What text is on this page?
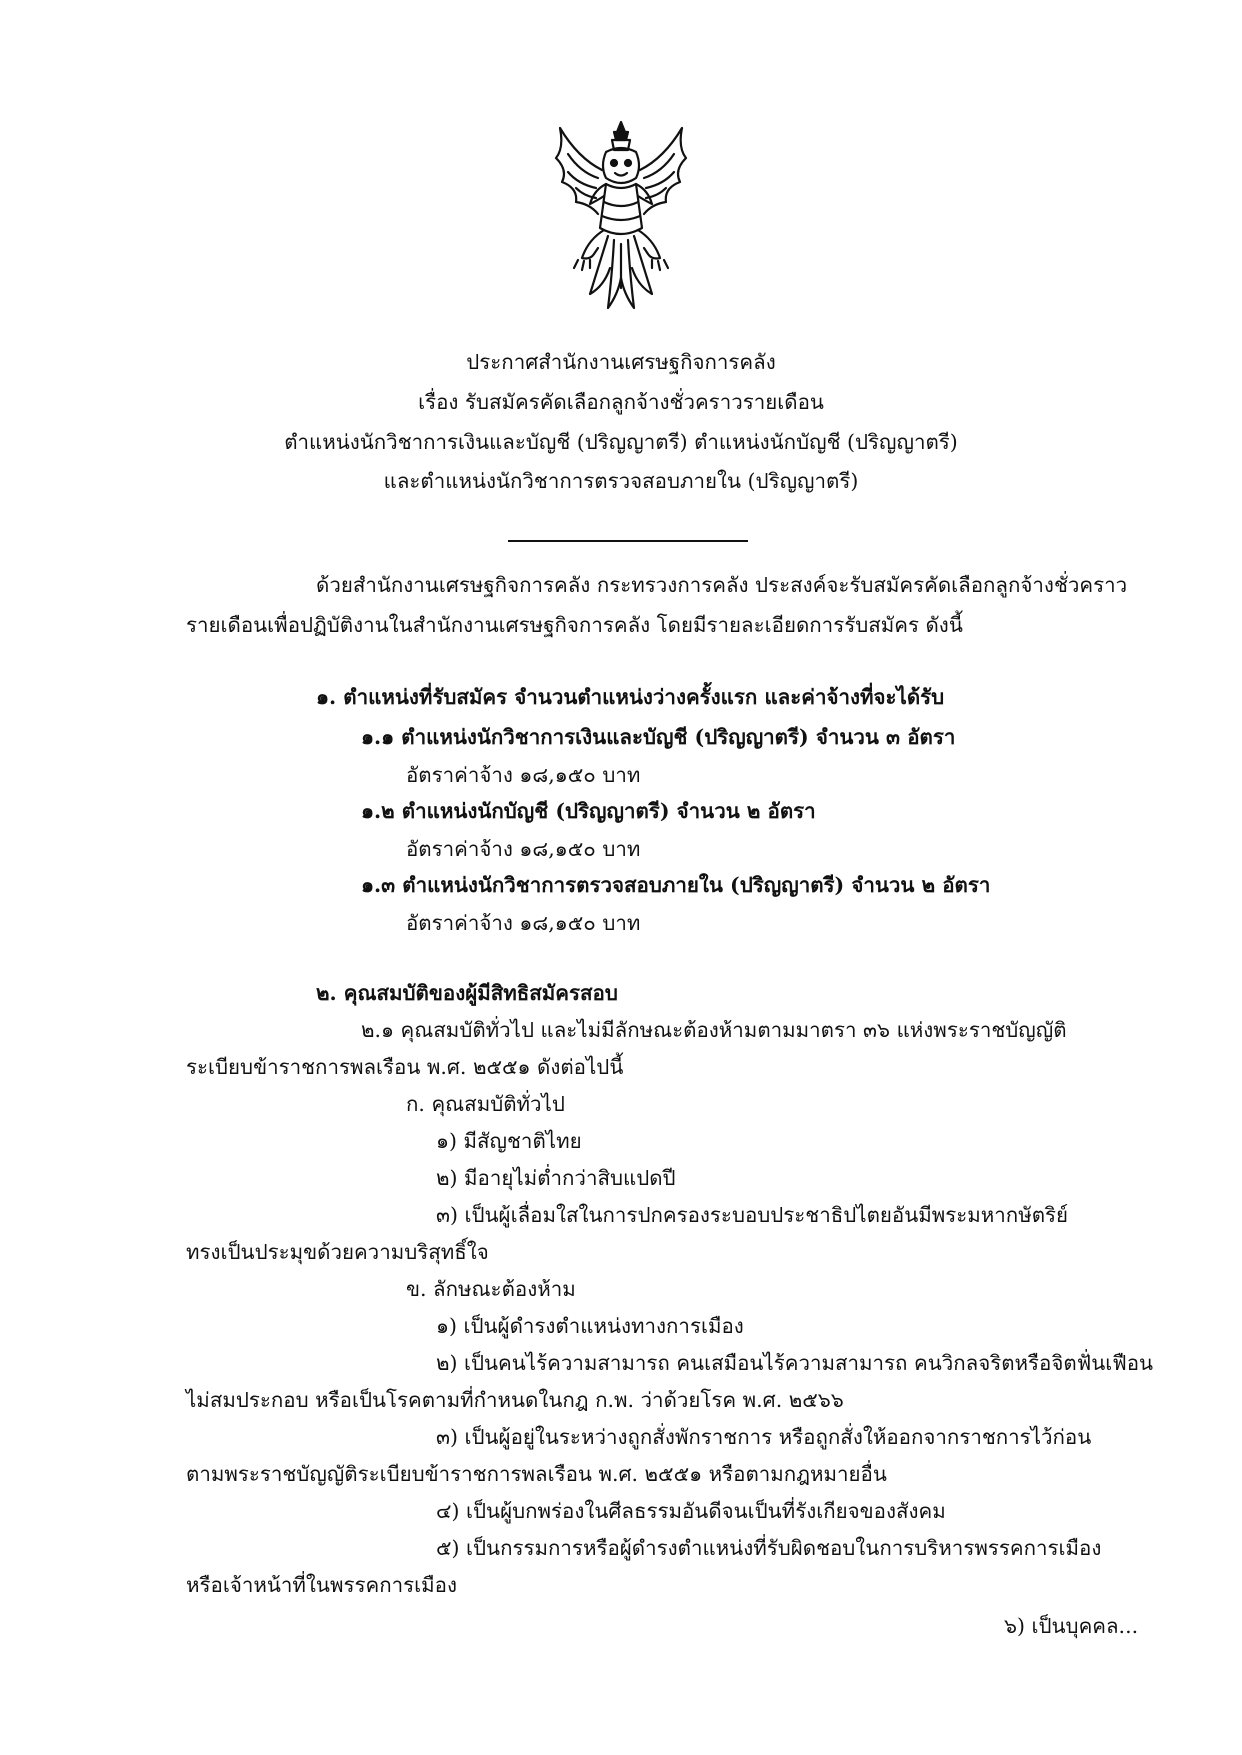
ประกาศสำนักงานเศรษฐกิจการคลัง
เรื่อง รับสมัครคัดเลือกลูกจ้างชั่วคราวรายเดือน
ตำแหน่งนักวิชาการเงินและบัญชี (ปริญญาตรี) ตำแหน่งนักบัญชี (ปริญญาตรี)
และตำแหน่งนักวิชาการตรวจสอบภายใน (ปริญญาตรี)
ด้วยสำนักงานเศรษฐกิจการคลัง กระทรวงการคลัง ประสงค์จะรับสมัครคัดเลือกลูกจ้างชั่วคราว
รายเดือนเพื่อปฏิบัติงานในสำนักงานเศรษฐกิจการคลัง โดยมีรายละเอียดการรับสมัคร ดังนี้
๑. ตำแหน่งที่รับสมัคร จำนวนตำแหน่งว่างครั้งแรก และค่าจ้างที่จะได้รับ
๑.๑ ตำแหน่งนักวิชาการเงินและบัญชี (ปริญญาตรี) จำนวน ๓ อัตรา
อัตราค่าจ้าง ๑๘,๑๕๐ บาท
๑.๒ ตำแหน่งนักบัญชี (ปริญญาตรี) จำนวน ๒ อัตรา
อัตราค่าจ้าง ๑๘,๑๕๐ บาท
๑.๓ ตำแหน่งนักวิชาการตรวจสอบภายใน (ปริญญาตรี) จำนวน ๒ อัตรา
อัตราค่าจ้าง ๑๘,๑๕๐ บาท
๒. คุณสมบัติของผู้มีสิทธิสมัครสอบ
๒.๑ คุณสมบัติทั่วไป และไม่มีลักษณะต้องห้ามตามมาตรา ๓๖ แห่งพระราชบัญญัติ
ระเบียบข้าราชการพลเรือน พ.ศ. ๒๕๕๑ ดังต่อไปนี้
ก. คุณสมบัติทั่วไป
๑) มีสัญชาติไทย
๒) มีอายุไม่ต่ำกว่าสิบแปดปี
๓) เป็นผู้เลื่อมใสในการปกครองระบอบประชาธิปไตยอันมีพระมหากษัตริย์
ทรงเป็นประมุขด้วยความบริสุทธิ์ใจ
ข. ลักษณะต้องห้าม
๑) เป็นผู้ดำรงตำแหน่งทางการเมือง
๒) เป็นคนไร้ความสามารถ คนเสมือนไร้ความสามารถ คนวิกลจริตหรือจิตฟั่นเฟือน
ไม่สมประกอบ หรือเป็นโรคตามที่กำหนดในกฎ ก.พ. ว่าด้วยโรค พ.ศ. ๒๕๖๖
๓) เป็นผู้อยู่ในระหว่างถูกสั่งพักราชการ หรือถูกสั่งให้ออกจากราชการไว้ก่อน
ตามพระราชบัญญัติระเบียบข้าราชการพลเรือน พ.ศ. ๒๕๕๑ หรือตามกฎหมายอื่น
๔) เป็นผู้บกพร่องในศีลธรรมอันดีจนเป็นที่รังเกียจของสังคม
๕) เป็นกรรมการหรือผู้ดำรงตำแหน่งที่รับผิดชอบในการบริหารพรรคการเมือง
หรือเจ้าหน้าที่ในพรรคการเมือง
๖) เป็นบุคคล...
